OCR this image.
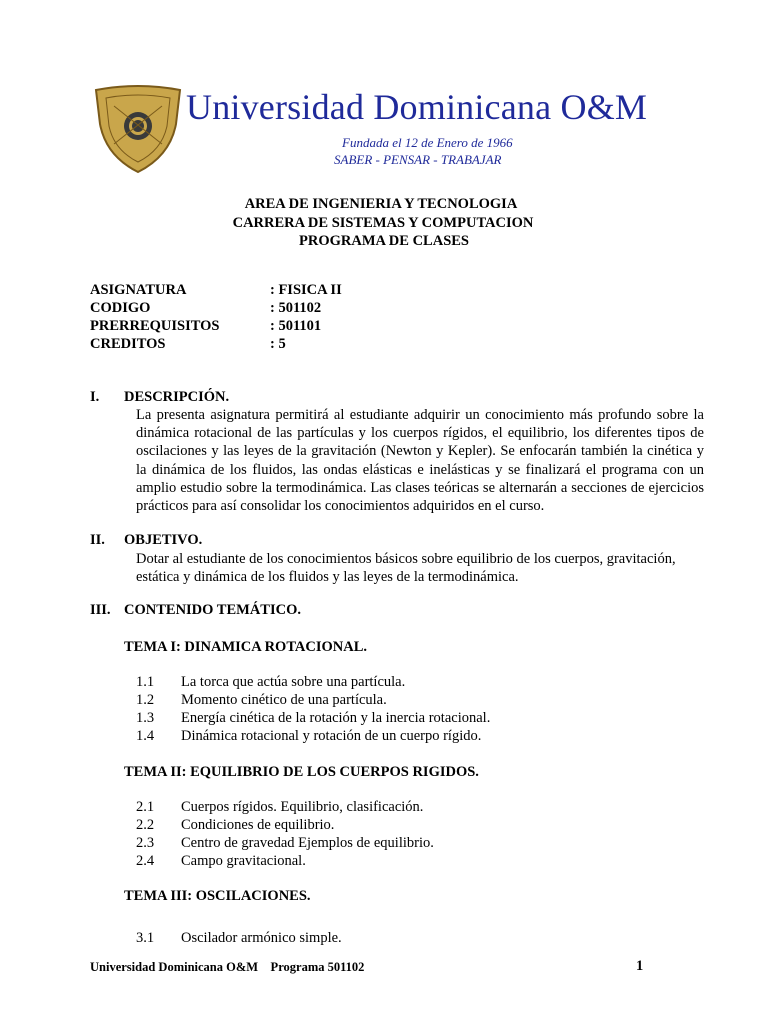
Universidad Dominicana O&M
Fundada el 12 de Enero de 1966
SABER - PENSAR - TRABAJAR
AREA DE INGENIERIA Y TECNOLOGIA
CARRERA DE SISTEMAS Y COMPUTACION
PROGRAMA DE CLASES
ASIGNATURA	: FISICA II
CODIGO	: 501102
PRERREQUISITOS	: 501101
CREDITOS	: 5
I. DESCRIPCIÓN.

La presenta asignatura permitirá al estudiante adquirir un conocimiento más profundo sobre la dinámica rotacional de las partículas y los cuerpos rígidos, el equilibrio, los diferentes tipos de oscilaciones y las leyes de la gravitación (Newton y Kepler). Se enfocarán también la cinética y la dinámica de los fluidos, las ondas elásticas e inelásticas y se finalizará el programa con un amplio estudio sobre la termodinámica. Las clases teóricas se alternarán a secciones de ejercicios prácticos para así consolidar los conocimientos adquiridos en el curso.

II. OBJETIVO.

Dotar al estudiante de los conocimientos básicos sobre equilibrio de los cuerpos, gravitación, estática y dinámica de los fluidos y las leyes de la termodinámica.

III. CONTENIDO TEMÁTICO.
TEMA I: DINAMICA ROTACIONAL.
1.1 La torca que actúa sobre una partícula.
1.2 Momento cinético de una partícula.
1.3 Energía cinética de la rotación y la inercia rotacional.
1.4 Dinámica rotacional y rotación de un cuerpo rígido.
TEMA II: EQUILIBRIO DE LOS CUERPOS RIGIDOS.
2.1 Cuerpos rígidos. Equilibrio, clasificación.
2.2 Condiciones de equilibrio.
2.3 Centro de gravedad Ejemplos de equilibrio.
2.4 Campo gravitacional.
TEMA III: OSCILACIONES.
3.1 Oscilador armónico simple.
Universidad Dominicana O&M    Programa 501102	1
